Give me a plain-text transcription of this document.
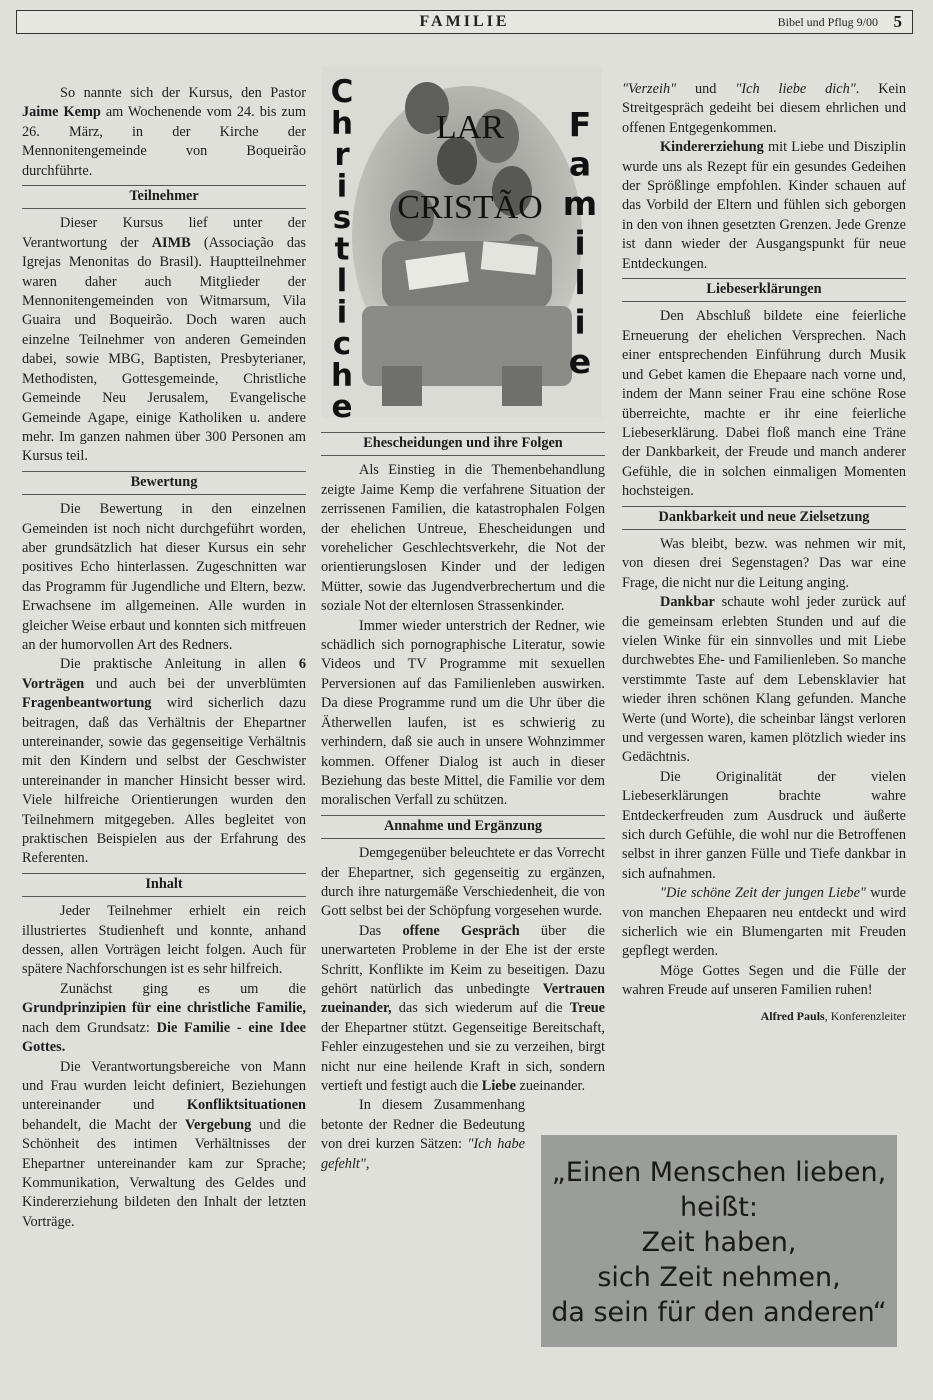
FAMILIE	Bibel und Pflug 9/00 5

So nannte sich der Kursus, den Pastor Jaime Kemp am Wochenende vom 24. bis zum 26. März, in der Kirche der Mennonitengemeinde von Boqueirão durchführte.

Teilnehmer

Dieser Kursus lief unter der Verantwortung der AIMB (Associação das Igrejas Menonitas do Brasil). Hauptteilnehmer waren daher auch Mitglieder der Mennonitengemeinden von Witmarsum, Vila Guaira und Boqueirão. Doch waren auch einzelne Teilnehmer von anderen Gemeinden dabei, sowie MBG, Baptisten, Presbyterianer, Methodisten, Gottesgemeinde, Christliche Gemeinde Neu Jerusalem, Evangelische Gemeinde Agape, einige Katholiken u. andere mehr. Im ganzen nahmen über 300 Personen am Kursus teil.

Bewertung

Die Bewertung in den einzelnen Gemeinden ist noch nicht durchgeführt worden, aber grundsätzlich hat dieser Kursus ein sehr positives Echo hinterlassen. Zugeschnitten war das Programm für Jugendliche und Eltern, bezw. Erwachsene im allgemeinen. Alle wurden in gleicher Weise erbaut und konnten sich mitfreuen an der humorvollen Art des Redners.

Die praktische Anleitung in allen 6 Vorträgen und auch bei der unverblümten Fragenbeantwortung wird sicherlich dazu beitragen, daß das Verhältnis der Ehepartner untereinander, sowie das gegenseitige Verhältnis mit den Kindern und selbst der Geschwister untereinander in mancher Hinsicht besser wird. Viele hilfreiche Orientierungen wurden den Teilnehmern mitgegeben. Alles begleitet von praktischen Beispielen aus der Erfahrung des Referenten.

Inhalt

Jeder Teilnehmer erhielt ein reich illustriertes Studienheft und konnte, anhand dessen, allen Vorträgen leicht folgen. Auch für spätere Nachforschungen ist es sehr hilfreich.

Zunächst ging es um die Grundprinzipien für eine christliche Familie, nach dem Grundsatz: Die Familie - eine Idee Gottes.

Die Verantwortungsbereiche von Mann und Frau wurden leicht definiert, Beziehungen untereinander und Konfliktsituationen behandelt, die Macht der Vergebung und die Schönheit des intimen Verhältnisses der Ehepartner untereinander kam zur Sprache; Kommunikation, Verwaltung des Geldes und Kindererziehung bildeten den Inhalt der letzten Vorträge.

C h r i s t l i c h e
F a m i l i e
LAR
CRISTÃO
Ehescheidungen und ihre Folgen

Als Einstieg in die Themenbehandlung zeigte Jaime Kemp die verfahrene Situation der zerrissenen Familien, die katastrophalen Folgen der ehelichen Untreue, Ehescheidungen und vorehelicher Geschlechtsverkehr, die Not der orientierungslosen Kinder und der ledigen Mütter, sowie das Jugendverbrechertum und die soziale Not der elternlosen Strassenkinder.

Immer wieder unterstrich der Redner, wie schädlich sich pornographische Literatur, sowie Videos und TV Programme mit sexuellen Perversionen auf das Familienleben auswirken. Da diese Programme rund um die Uhr über die Ätherwellen laufen, ist es schwierig zu verhindern, daß sie auch in unsere Wohnzimmer kommen. Offener Dialog ist auch in dieser Beziehung das beste Mittel, die Familie vor dem moralischen Verfall zu schützen.

Annahme und Ergänzung

Demgegenüber beleuchtete er das Vorrecht der Ehepartner, sich gegenseitig zu ergänzen, durch ihre naturgemäße Verschiedenheit, die von Gott selbst bei der Schöpfung vorgesehen wurde.

Das offene Gespräch über die unerwarteten Probleme in der Ehe ist der erste Schritt, Konflikte im Keim zu beseitigen. Dazu gehört natürlich das unbedingte Vertrauen zueinander, das sich wiederum auf die Treue der Ehepartner stützt. Gegenseitige Bereitschaft, Fehler einzugestehen und sie zu verzeihen, birgt nicht nur eine heilende Kraft in sich, sondern vertieft und festigt auch die Liebe zueinander.

In diesem Zusammenhang betonte der Redner die Bedeutung von drei kurzen Sätzen: "Ich habe gefehlt",

"Verzeih" und "Ich liebe dich". Kein Streitgespräch gedeiht bei diesem ehrlichen und offenen Entgegenkommen.

Kindererziehung mit Liebe und Disziplin wurde uns als Rezept für ein gesundes Gedeihen der Sprößlinge empfohlen. Kinder schauen auf das Vorbild der Eltern und fühlen sich geborgen in den von ihnen gesetzten Grenzen. Jede Grenze ist dann wieder der Ausgangspunkt für neue Entdeckungen.

Liebeserklärungen

Den Abschluß bildete eine feierliche Erneuerung der ehelichen Versprechen. Nach einer entsprechenden Einführung durch Musik und Gebet kamen die Ehepaare nach vorne und, indem der Mann seiner Frau eine schöne Rose überreichte, machte er ihr eine feierliche Liebeserklärung. Dabei floß manch eine Träne der Dankbarkeit, der Freude und manch anderer Gefühle, die in solchen einmaligen Momenten hochsteigen.

Dankbarkeit und neue Zielsetzung

Was bleibt, bezw. was nehmen wir mit, von diesen drei Segenstagen? Das war eine Frage, die nicht nur die Leitung anging.

Dankbar schaute wohl jeder zurück auf die gemeinsam erlebten Stunden und auf die vielen Winke für ein sinnvolles und mit Liebe durchwebtes Ehe- und Familienleben. So manche verstimmte Taste auf dem Lebensklavier hat wieder ihren schönen Klang gefunden. Manche Werte (und Worte), die scheinbar längst verloren und vergessen waren, kamen plötzlich wieder ins Gedächtnis.

Die Originalität der vielen Liebeserklärungen brachte wahre Entdeckerfreuden zum Ausdruck und äußerte sich durch Gefühle, die wohl nur die Betroffenen selbst in ihrer ganzen Fülle und Tiefe dankbar in sich aufnahmen.

"Die schöne Zeit der jungen Liebe" wurde von manchen Ehepaaren neu entdeckt und wird sicherlich wie ein Blumengarten mit Freuden gepflegt werden.

Möge Gottes Segen und die Fülle der wahren Freude auf unseren Familien ruhen!

Alfred Pauls, Konferenzleiter
„Einen Menschen lieben,
heißt:
Zeit haben,
sich Zeit nehmen,
da sein für den anderen“
